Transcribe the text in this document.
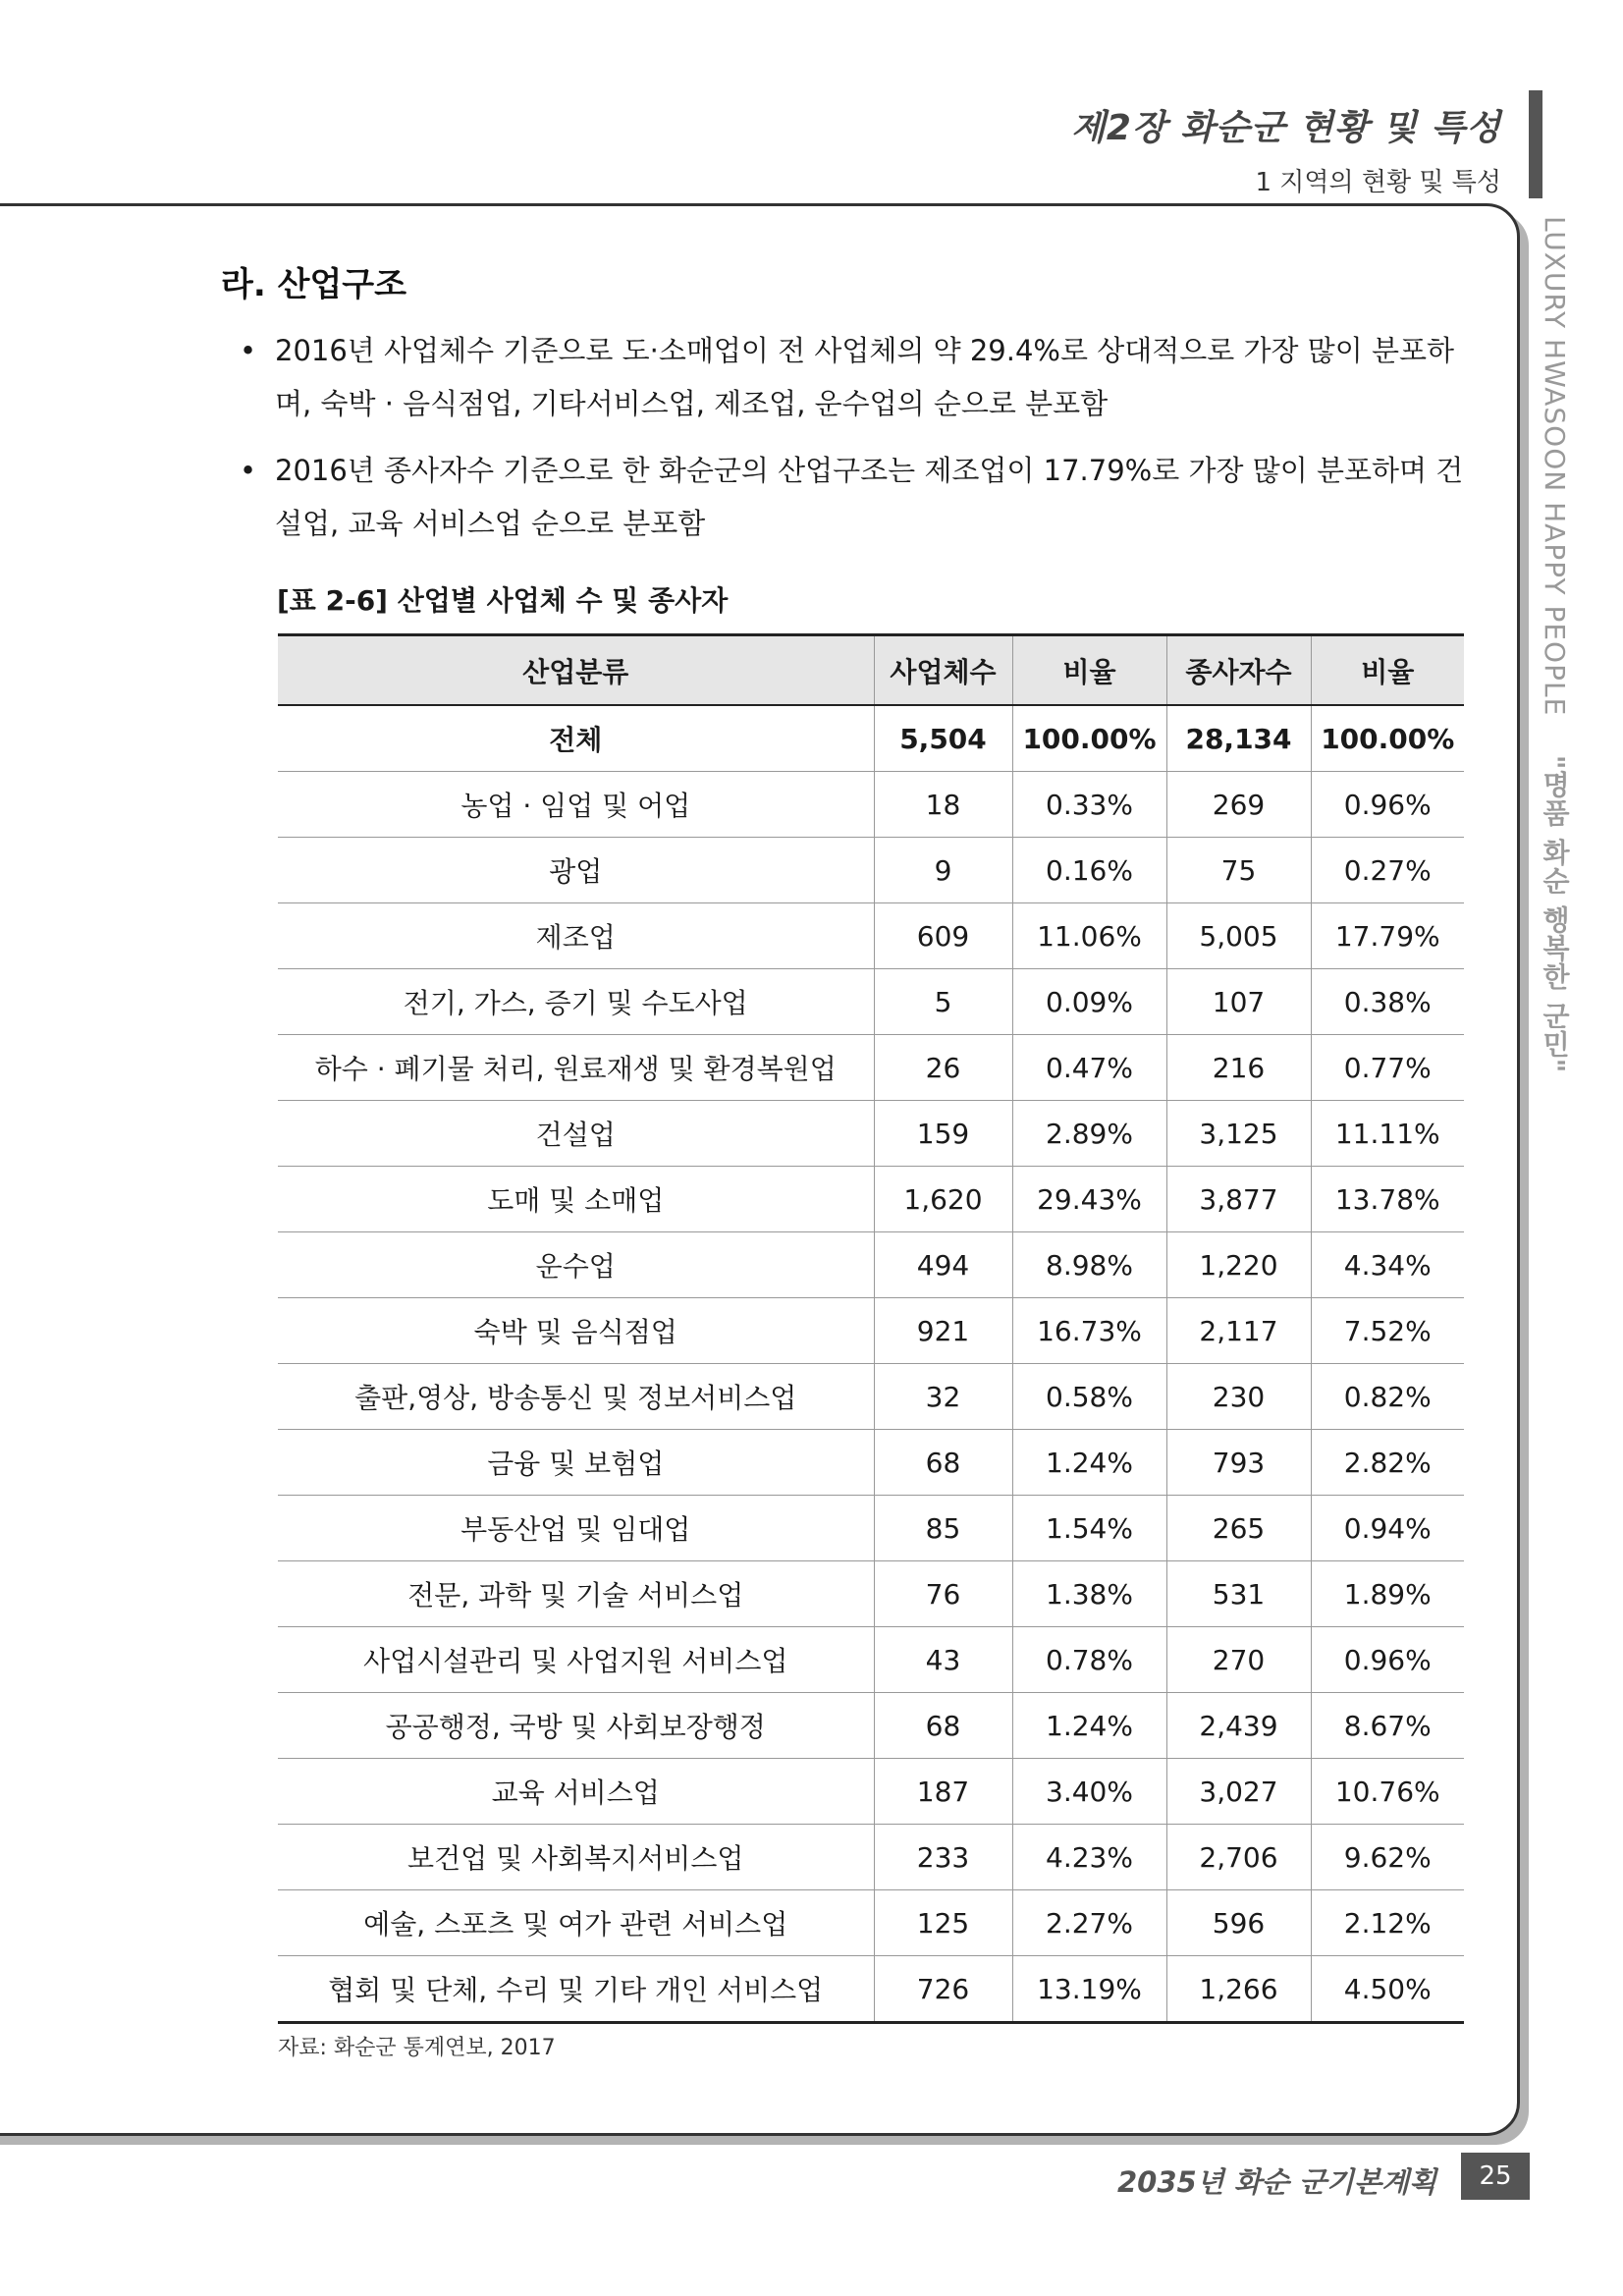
제2장 화순군 현황 및 특성
1 지역의 현황 및 특성
LUXURY HWASOON HAPPY PEOPLE    "명품 화순 행복한 군민"
라. 산업구조
• 2016년 사업체수 기준으로 도·소매업이 전 사업체의 약 29.4%로 상대적으로 가장 많이 분포하며, 숙박 · 음식점업, 기타서비스업, 제조업, 운수업의 순으로 분포함
• 2016년 종사자수 기준으로 한 화순군의 산업구조는 제조업이 17.79%로 가장 많이 분포하며 건설업, 교육 서비스업 순으로 분포함
[표 2-6] 산업별 사업체 수 및 종사자
산업분류	사업체수	비율	종사자수	비율
전체	5,504	100.00%	28,134	100.00%
농업 · 임업 및 어업	18	0.33%	269	0.96%
광업	9	0.16%	75	0.27%
제조업	609	11.06%	5,005	17.79%
전기, 가스, 증기 및 수도사업	5	0.09%	107	0.38%
하수 · 폐기물 처리, 원료재생 및 환경복원업	26	0.47%	216	0.77%
건설업	159	2.89%	3,125	11.11%
도매 및 소매업	1,620	29.43%	3,877	13.78%
운수업	494	8.98%	1,220	4.34%
숙박 및 음식점업	921	16.73%	2,117	7.52%
출판,영상, 방송통신 및 정보서비스업	32	0.58%	230	0.82%
금융 및 보험업	68	1.24%	793	2.82%
부동산업 및 임대업	85	1.54%	265	0.94%
전문, 과학 및 기술 서비스업	76	1.38%	531	1.89%
사업시설관리 및 사업지원 서비스업	43	0.78%	270	0.96%
공공행정, 국방 및 사회보장행정	68	1.24%	2,439	8.67%
교육 서비스업	187	3.40%	3,027	10.76%
보건업 및 사회복지서비스업	233	4.23%	2,706	9.62%
예술, 스포츠 및 여가 관련 서비스업	125	2.27%	596	2.12%
협회 및 단체, 수리 및 기타 개인 서비스업	726	13.19%	1,266	4.50%
자료: 화순군 통계연보, 2017
2035년 화순 군기본계획	25
